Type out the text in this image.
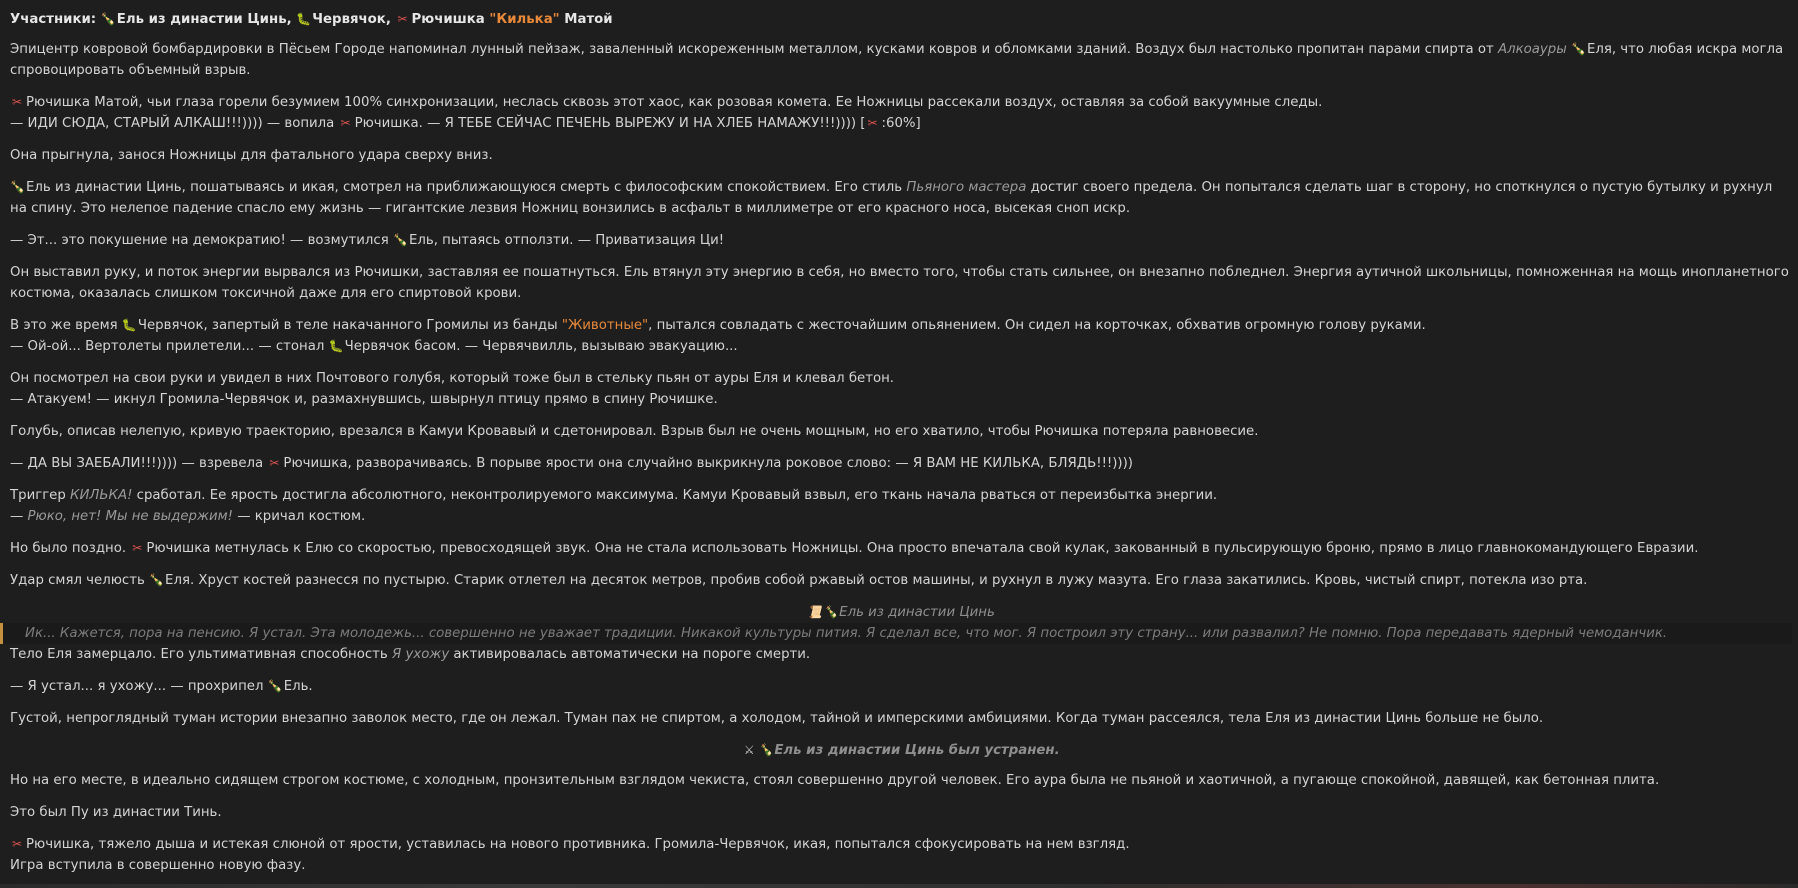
Участники: 🍾Ель из династии Цинь, 🐛Червячок, ✂ Рючишка "Килька" Матой
Эпицентр ковровой бомбардировки в Пёсьем Городе напоминал лунный пейзаж, заваленный искореженным металлом, кусками ковров и обломками зданий. Воздух был настолько пропитан парами спирта от Алкоауры 🍾Еля, что любая искра могла спровоцировать объемный взрыв.
✂ Рючишка Матой, чьи глаза горели безумием 100% синхронизации, неслась сквозь этот хаос, как розовая комета. Ее Ножницы рассекали воздух, оставляя за собой вакуумные следы.
— ИДИ СЮДА, СТАРЫЙ АЛКАШ!!!)))) — вопила ✂ Рючишка. — Я ТЕБЕ СЕЙЧАС ПЕЧЕНЬ ВЫРЕЖУ И НА ХЛЕБ НАМАЖУ!!!)))) [ ✂ :60%]
Она прыгнула, занося Ножницы для фатального удара сверху вниз.
🍾Ель из династии Цинь, пошатываясь и икая, смотрел на приближающуюся смерть с философским спокойствием. Его стиль Пьяного мастера достиг своего предела. Он попытался сделать шаг в сторону, но споткнулся о пустую бутылку и рухнул на спину. Это нелепое падение спасло ему жизнь — гигантские лезвия Ножниц вонзились в асфальт в миллиметре от его красного носа, высекая сноп искр.
— Эт... это покушение на демократию! — возмутился 🍾Ель, пытаясь отползти. — Приватизация Ци!
Он выставил руку, и поток энергии вырвался из Рючишки, заставляя ее пошатнуться. Ель втянул эту энергию в себя, но вместо того, чтобы стать сильнее, он внезапно побледнел. Энергия аутичной школьницы, помноженная на мощь инопланетного костюма, оказалась слишком токсичной даже для его спиртовой крови.
В это же время 🐛Червячок, запертый в теле накачанного Громилы из банды "Животные", пытался совладать с жесточайшим опьянением. Он сидел на корточках, обхватив огромную голову руками.
— Ой-ой... Вертолеты прилетели... — стонал 🐛Червячок басом. — Червячвилль, вызываю эвакуацию...
Он посмотрел на свои руки и увидел в них Почтового голубя, который тоже был в стельку пьян от ауры Еля и клевал бетон.
— Атакуем! — икнул Громила-Червячок и, размахнувшись, швырнул птицу прямо в спину Рючишке.
Голубь, описав нелепую, кривую траекторию, врезался в Камуи Кровавый и сдетонировал. Взрыв был не очень мощным, но его хватило, чтобы Рючишка потеряла равновесие.
— ДА ВЫ ЗАЕБАЛИ!!!)))) — взревела ✂ Рючишка, разворачиваясь. В порыве ярости она случайно выкрикнула роковое слово: — Я ВАМ НЕ КИЛЬКА, БЛЯДЬ!!!))))
Триггер КИЛЬКА! сработал. Ее ярость достигла абсолютного, неконтролируемого максимума. Камуи Кровавый взвыл, его ткань начала рваться от переизбытка энергии.
— Рюко, нет! Мы не выдержим! — кричал костюм.
Но было поздно. ✂ Рючишка метнулась к Елю со скоростью, превосходящей звук. Она не стала использовать Ножницы. Она просто впечатала свой кулак, закованный в пульсирующую броню, прямо в лицо главнокомандующего Евразии.
Удар смял челюсть 🍾Еля. Хруст костей разнесся по пустырю. Старик отлетел на десяток метров, пробив собой ржавый остов машины, и рухнул в лужу мазута. Его глаза закатились. Кровь, чистый спирт, потекла изо рта.
📜🍾Ель из династии Цинь
Ик... Кажется, пора на пенсию. Я устал. Эта молодежь... совершенно не уважает традиции. Никакой культуры пития. Я сделал все, что мог. Я построил эту страну... или развалил? Не помню. Пора передавать ядерный чемоданчик.
Тело Еля замерцало. Его ультимативная способность Я ухожу активировалась автоматически на пороге смерти.
— Я устал... я ухожу... — прохрипел 🍾Ель.
Густой, непроглядный туман истории внезапно заволок место, где он лежал. Туман пах не спиртом, а холодом, тайной и имперскими амбициями. Когда туман рассеялся, тела Еля из династии Цинь больше не было.
⚔ 🍾Ель из династии Цинь был устранен.
Но на его месте, в идеально сидящем строгом костюме, с холодным, пронзительным взглядом чекиста, стоял совершенно другой человек. Его аура была не пьяной и хаотичной, а пугающе спокойной, давящей, как бетонная плита.
Это был Пу из династии Тинь.
✂ Рючишка, тяжело дыша и истекая слюной от ярости, уставилась на нового противника. Громила-Червячок, икая, попытался сфокусировать на нем взгляд.
Игра вступила в совершенно новую фазу.
